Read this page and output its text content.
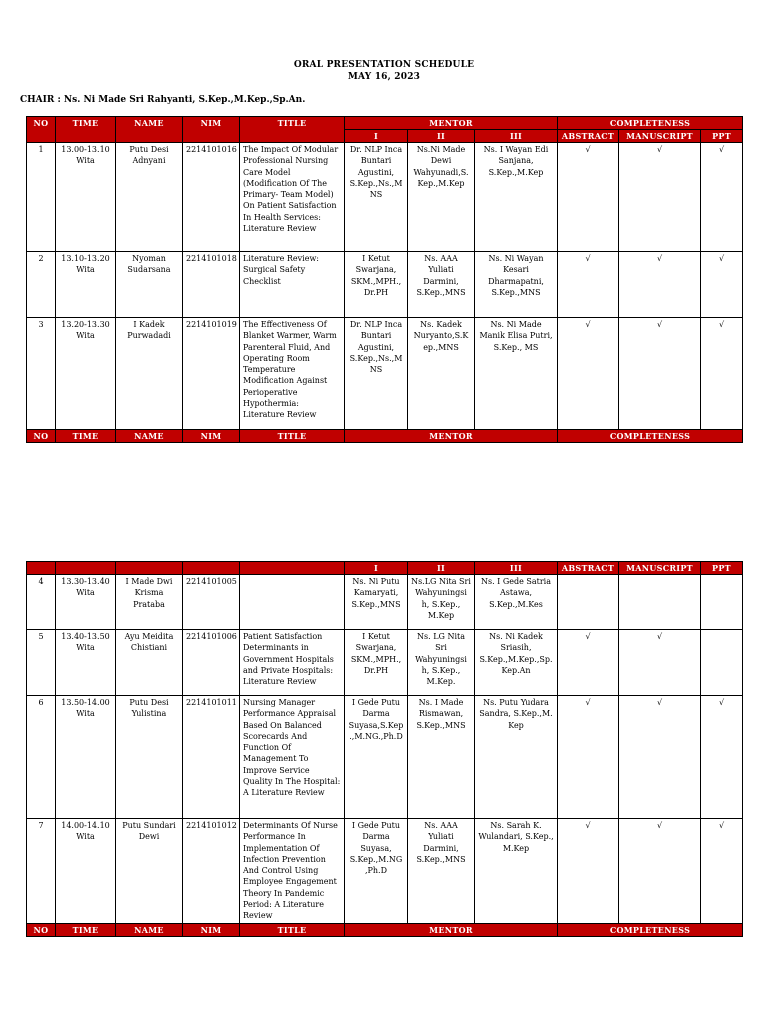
ORAL PRESENTATION SCHEDULE
MAY 16, 2023
CHAIR : Ns. Ni Made Sri Rahyanti, S.Kep.,M.Kep.,Sp.An.
NO	TIME	NAME	NIM	TITLE	MENTOR			COMPLETENESS		
					I	II	III	ABSTRACT	MANUSCRIPT	PPT
1	13.00-13.10 Wita	Putu Desi Adnyani	2214101016	The Impact Of Modular Professional Nursing Care Model (Modification Of The Primary- Team Model) On Patient Satisfaction In Health Services: Literature Review	Dr. NLP Inca Buntari Agustini, S.Kep.,Ns.,M NS	Ns.Ni Made Dewi Wahyunadi,S. Kep.,M.Kep	Ns. I Wayan Edi Sanjana, S.Kep.,M.Kep	√	√	√
2	13.10-13.20 Wita	Nyoman Sudarsana	2214101018	Literature Review: Surgical Safety Checklist	I Ketut Swarjana, SKM.,MPH., Dr.PH	Ns. AAA Yuliati Darmini, S.Kep.,MNS	Ns. Ni Wayan Kesari Dharmapatni, S.Kep.,MNS	√	√	√
3	13.20-13.30 Wita	I Kadek Purwadadi	2214101019	The Effectiveness Of Blanket Warmer, Warm Parenteral Fluid, And Operating Room Temperature Modification Against Perioperative Hypothermia: Literature Review	Dr. NLP Inca Buntari Agustini, S.Kep.,Ns.,M NS	Ns. Kadek Nuryanto,S.K ep.,MNS	Ns. Ni Made Manik Elisa Putri, S.Kep., MS	√	√	√
NO	TIME	NAME	NIM	TITLE	MENTOR			COMPLETENESS		
					I	II	III	ABSTRACT	MANUSCRIPT	PPT
4	13.30-13.40 Wita	I Made Dwi Krisma Prataba	2214101005		Ns. Ni Putu Kamaryati, S.Kep.,MNS	Ns.LG Nita Sri Wahyuningsi h, S.Kep., M.Kep	Ns. I Gede Satria Astawa, S.Kep.,M.Kes			
5	13.40-13.50 Wita	Ayu Meidita Chistiani	2214101006	Patient Satisfaction Determinants in Government Hospitals and Private Hospitals: Literature Review	I Ketut Swarjana, SKM.,MPH., Dr.PH	Ns. LG Nita Sri Wahyuningsi h, S.Kep., M.Kep.	Ns. Ni Kadek Sriasih, S.Kep.,M.Kep.,Sp. Kep.An	√	√	
6	13.50-14.00 Wita	Putu Desi Yulistina	2214101011	Nursing Manager Performance Appraisal Based On Balanced Scorecards And Function Of Management To Improve Service Quality In The Hospital: A Literature Review	I Gede Putu Darma Suyasa,S.Kep .,M.NG.,Ph.D	Ns. I Made Rismawan, S.Kep.,MNS	Ns. Putu Yudara Sandra, S.Kep.,M. Kep	√	√	√
7	14.00-14.10 Wita	Putu Sundari Dewi	2214101012	Determinants Of Nurse Performance In Implementation Of Infection Prevention And Control Using Employee Engagement Theory In Pandemic Period: A Literature Review	I Gede Putu Darma Suyasa, S.Kep.,M.NG ,Ph.D	Ns. AAA Yuliati Darmini, S.Kep.,MNS	Ns. Sarah K. Wulandari, S.Kep., M.Kep	√	√	√
NO	TIME	NAME	NIM	TITLE	MENTOR			COMPLETENESS		
